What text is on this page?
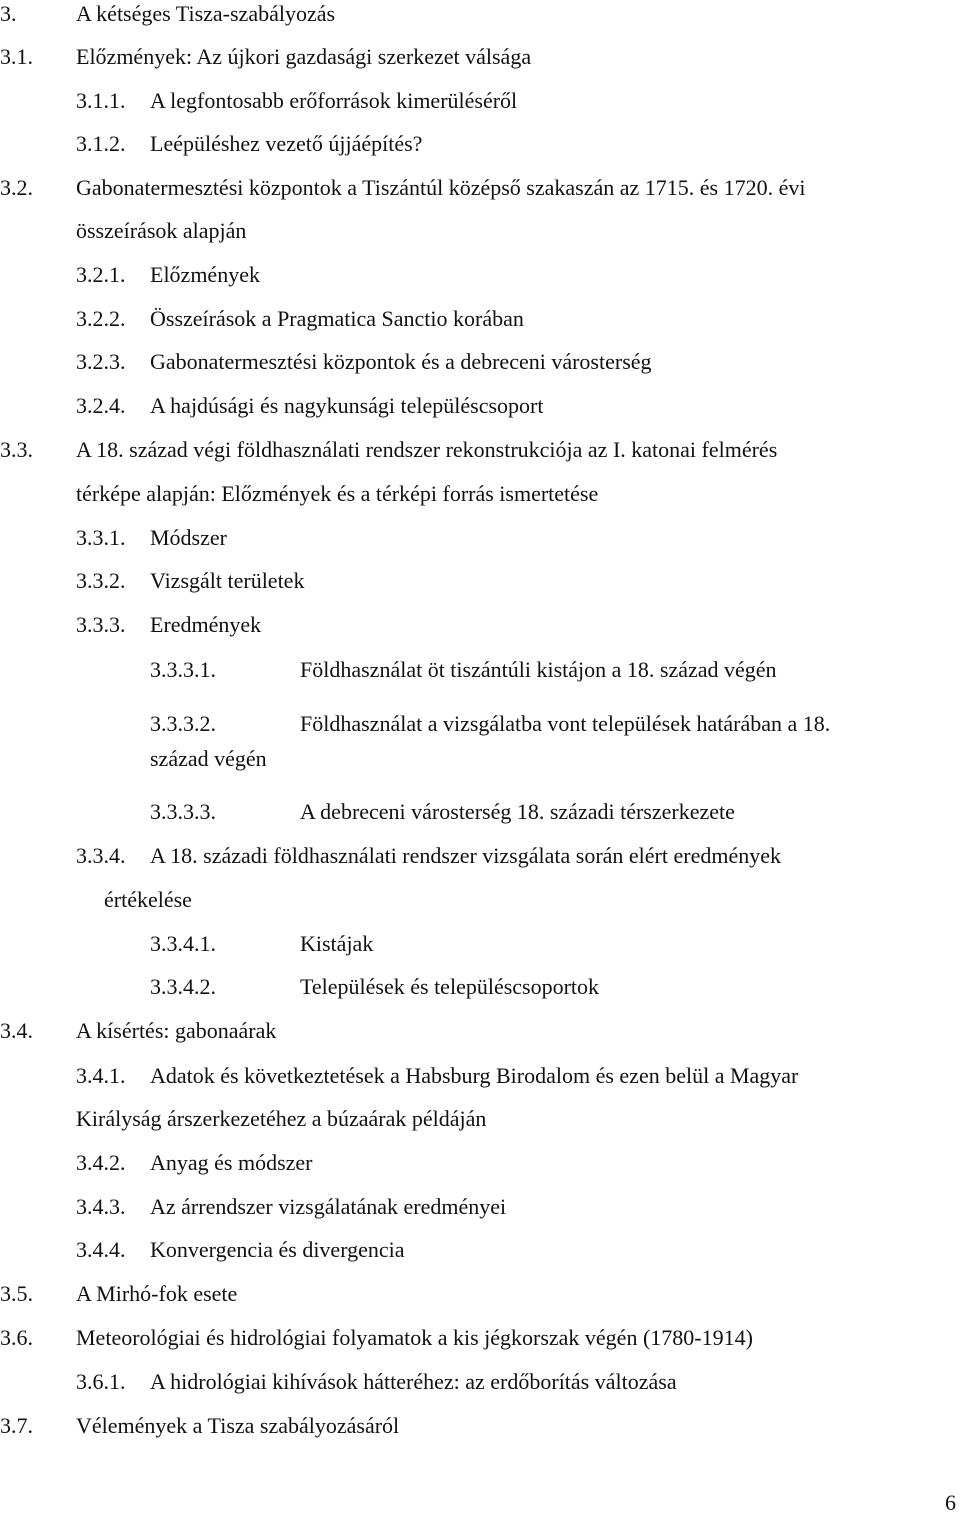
3.	A kétséges Tisza-szabályozás
3.1. Előzmények: Az újkori gazdasági szerkezet válsága
3.1.1. A legfontosabb erőforrások kimerüléséről
3.1.2. Leépüléshez vezető újjáépítés?
3.2. Gabonatermesztési központok a Tiszántúl középső szakaszán az 1715. és 1720. évi
összeírások alapján
3.2.1. Előzmények
3.2.2. Összeírások a Pragmatica Sanctio korában
3.2.3. Gabonatermesztési központok és a debreceni városterség
3.2.4. A hajdúsági és nagykunsági településcsoport
3.3. A 18. század végi földhasználati rendszer rekonstrukciója az I. katonai felmérés
térképe alapján: Előzmények és a térképi forrás ismertetése
3.3.1. Módszer
3.3.2. Vizsgált területek
3.3.3. Eredmények
3.3.3.1.	Földhasználat öt tiszántúli kistájon a 18. század végén
3.3.3.2.	Földhasználat a vizsgálatba vont települések határában a 18.
század végén
3.3.3.3.	A debreceni városterség 18. századi térszerkezete
3.3.4. A 18. századi földhasználati rendszer vizsgálata során elért eredmények
értékelése
3.3.4.1.	Kistájak
3.3.4.2.	Települések és településcsoportok
3.4. A kísértés: gabonaárak
3.4.1. Adatok és következtetések a Habsburg Birodalom és ezen belül a Magyar
Királyság árszerkezetéhez a búzaárak példáján
3.4.2. Anyag és módszer
3.4.3. Az árrendszer vizsgálatának eredményei
3.4.4. Konvergencia és divergencia
3.5. A Mirhó-fok esete
3.6. Meteorológiai és hidrológiai folyamatok a kis jégkorszak végén (1780-1914)
3.6.1. A hidrológiai kihívások hátteréhez: az erdőborítás változása
3.7. Vélemények a Tisza szabályozásáról
6
